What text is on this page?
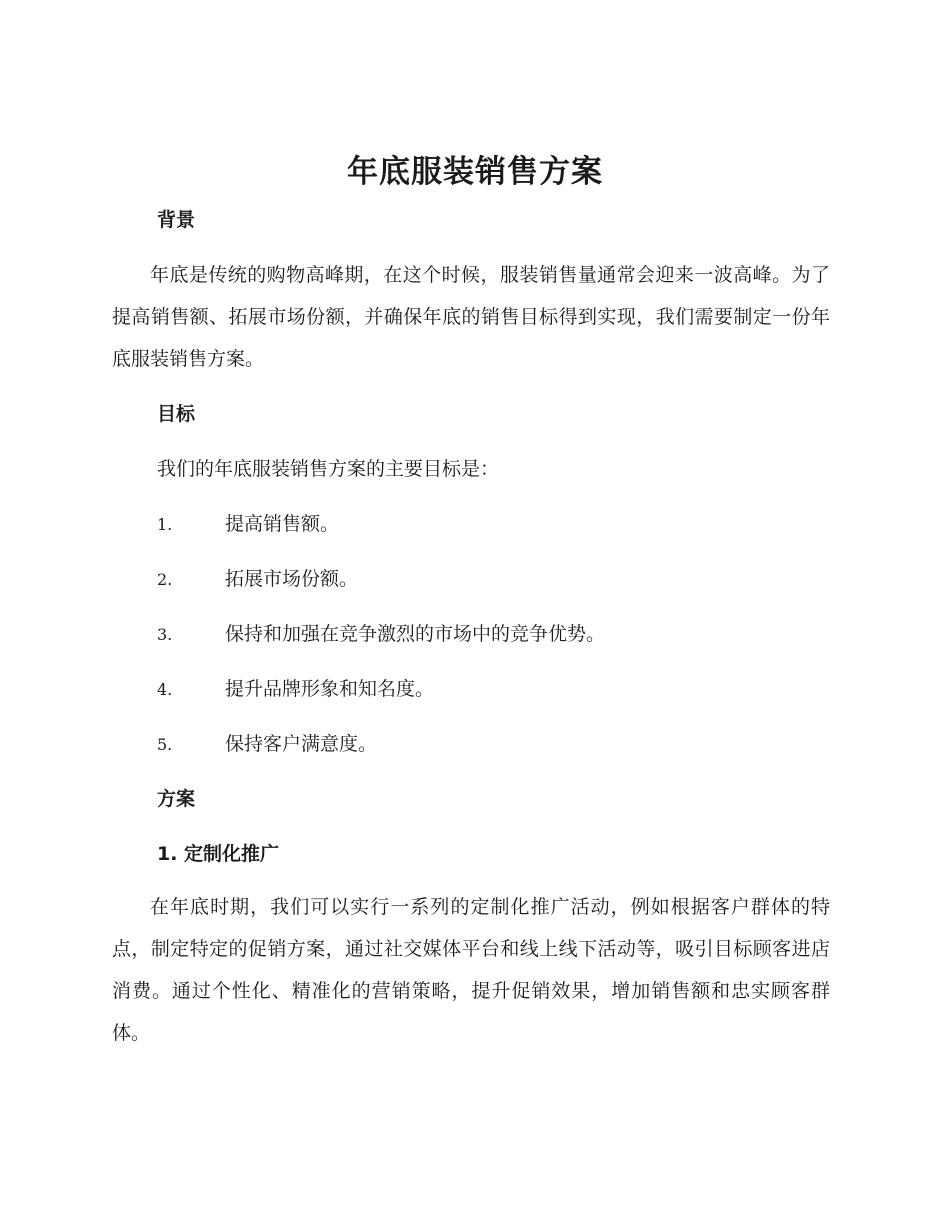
年底服装销售方案
背景

年底是传统的购物高峰期，在这个时候，服装销售量通常会迎来一波高峰。为了提高销售额、拓展市场份额，并确保年底的销售目标得到实现，我们需要制定一份年底服装销售方案。

目标
我们的年底服装销售方案的主要目标是：
1.	提高销售额。
2.	拓展市场份额。
3.	保持和加强在竞争激烈的市场中的竞争优势。
4.	提升品牌形象和知名度。
5.	保持客户满意度。
方案
1. 定制化推广

在年底时期，我们可以实行一系列的定制化推广活动，例如根据客户群体的特点，制定特定的促销方案，通过社交媒体平台和线上线下活动等，吸引目标顾客进店消费。通过个性化、精准化的营销策略，提升促销效果，增加销售额和忠实顾客群体。
